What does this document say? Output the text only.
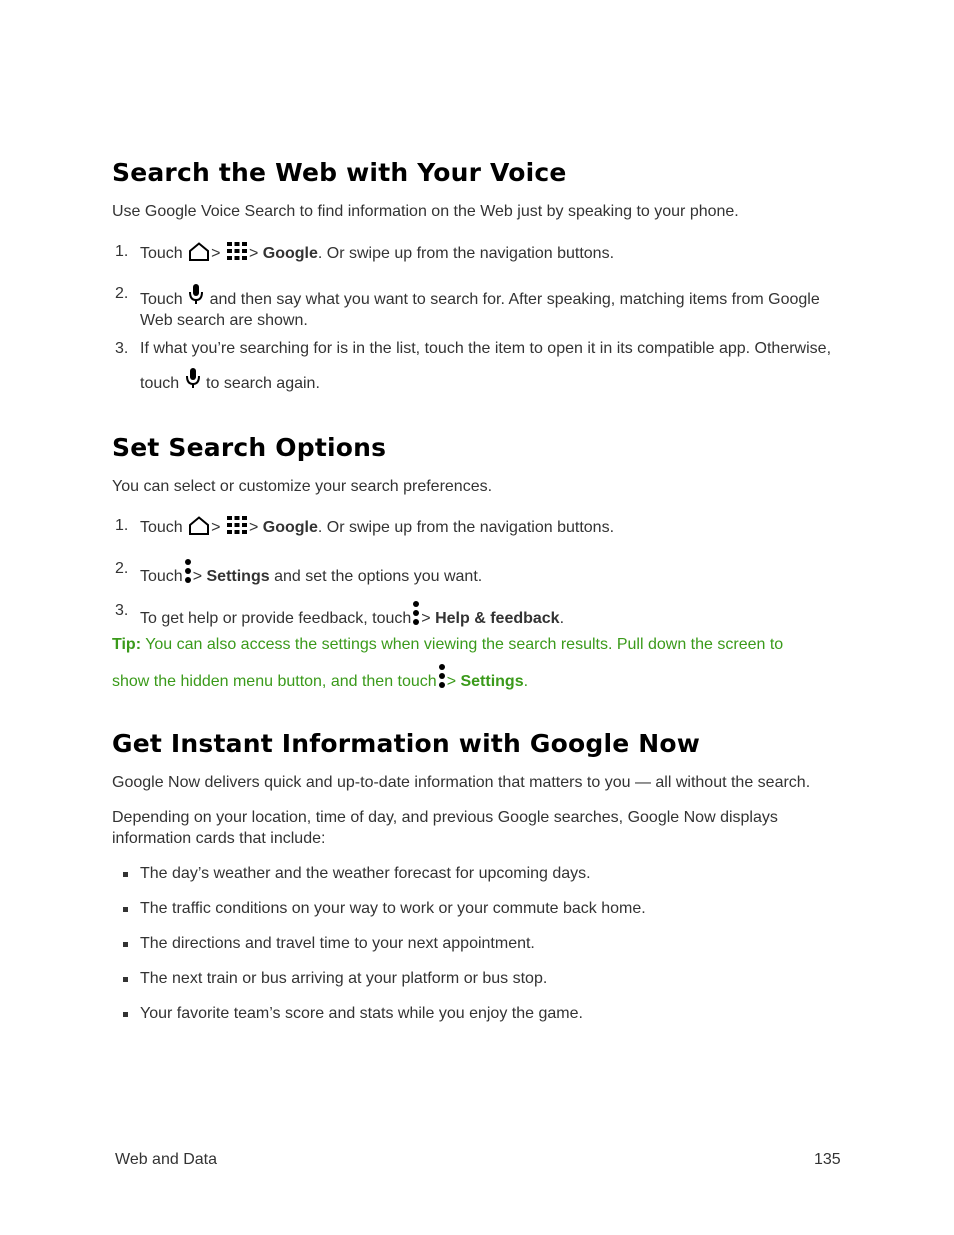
Search the Web with Your Voice

Use Google Voice Search to find information on the Web just by speaking to your phone.

1. Touch > > Google. Or swipe up from the navigation buttons.
2. Touch and then say what you want to search for. After speaking, matching items from Google Web search are shown.
3. If what you’re searching for is in the list, touch the item to open it in its compatible app. Otherwise,
touch to search again.
Set Search Options

You can select or customize your search preferences.

1. Touch > > Google. Or swipe up from the navigation buttons.
2. Touch > Settings and set the options you want.
3. To get help or provide feedback, touch > Help & feedback.
Tip: You can also access the settings when viewing the search results. Pull down the screen to
show the hidden menu button, and then touch > Settings.
Get Instant Information with Google Now

Google Now delivers quick and up-to-date information that matters to you — all without the search.

Depending on your location, time of day, and previous Google searches, Google Now displays information cards that include:

The day’s weather and the weather forecast for upcoming days.
The traffic conditions on your way to work or your commute back home.
The directions and travel time to your next appointment.
The next train or bus arriving at your platform or bus stop.
Your favorite team’s score and stats while you enjoy the game.
Web and Data	135
